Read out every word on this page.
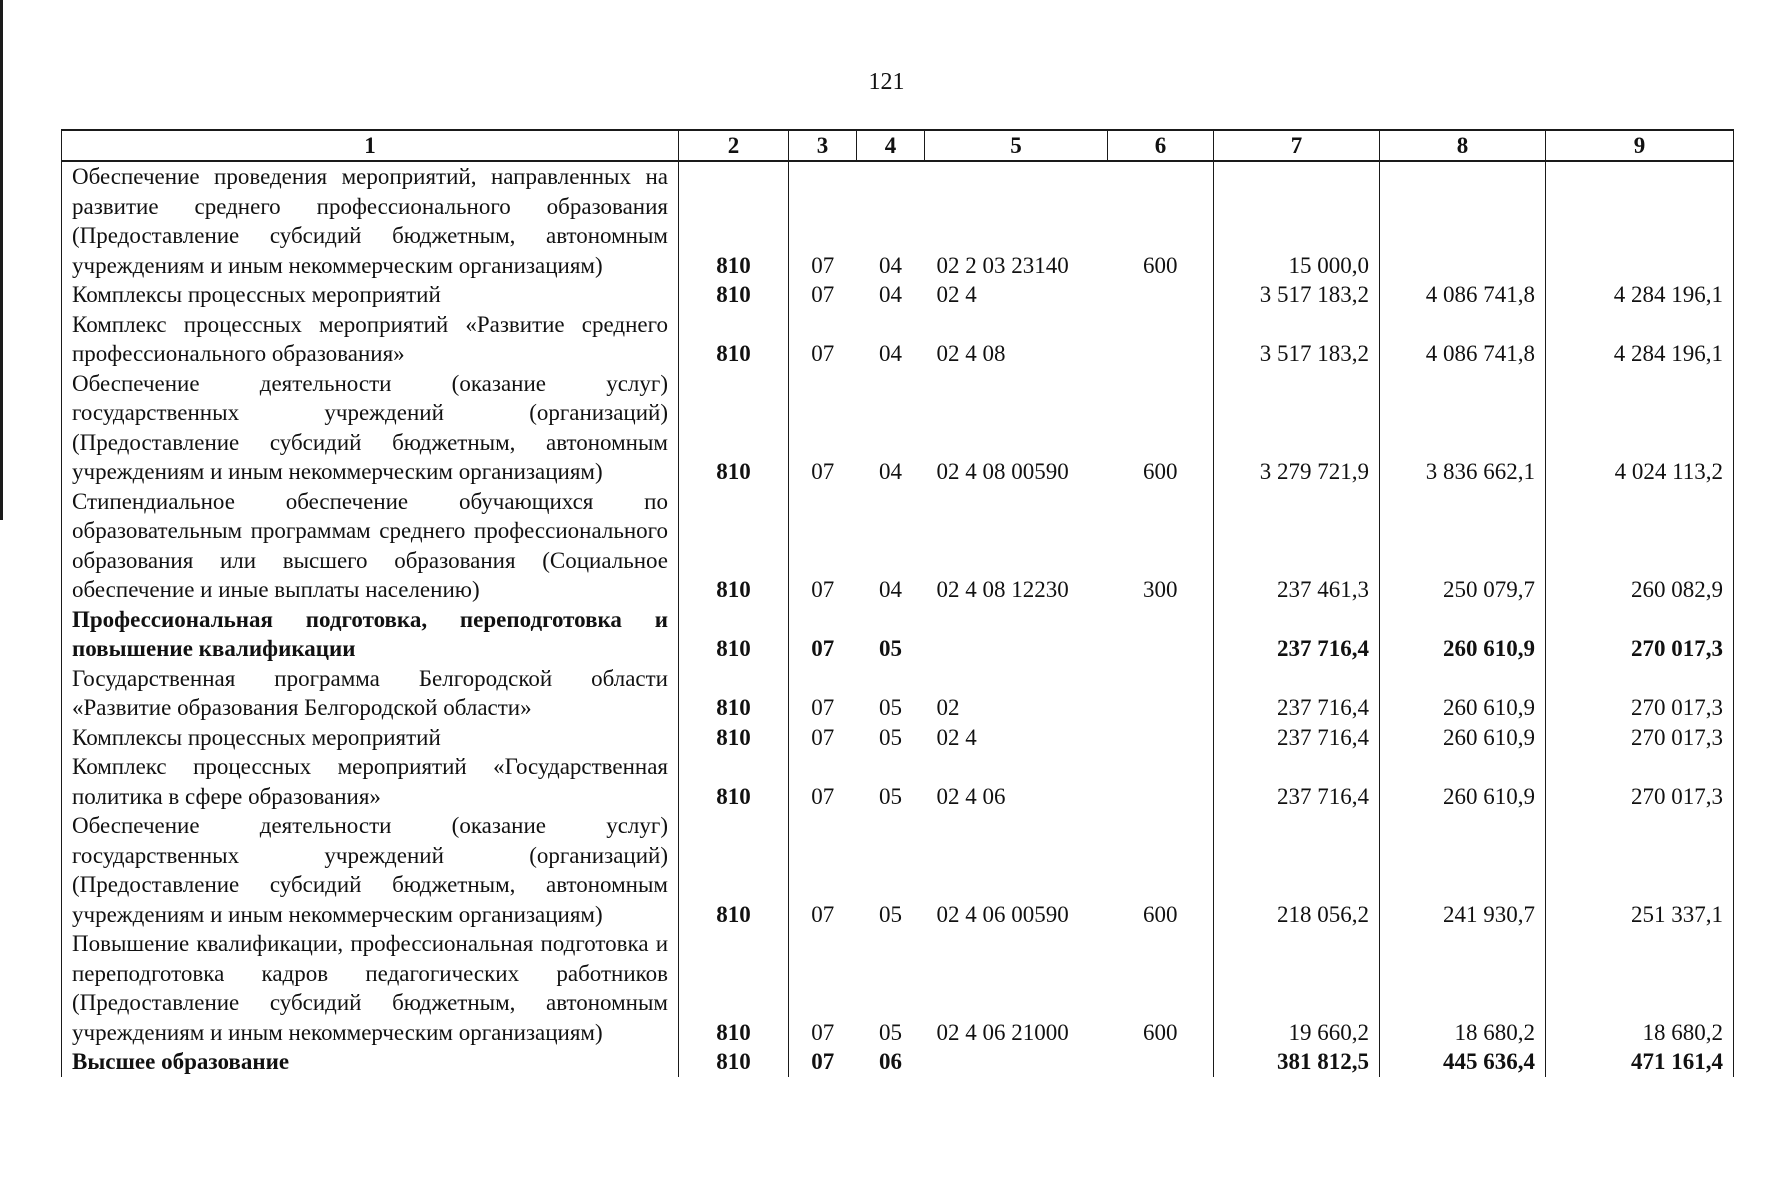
121
1	2	3	4	5	6	7	8	9
Обеспечение проведения мероприятий, направленных на развитие среднего профессионального образования (Предоставление субсидий бюджетным, автономным учреждениям и иным некоммерческим организациям)	810	07	04	02 2 03 23140	600	15 000,0		
Комплексы процессных мероприятий	810	07	04	02 4		3 517 183,2	4 086 741,8	4 284 196,1
Комплекс процессных мероприятий «Развитие среднего профессионального образования»	810	07	04	02 4 08		3 517 183,2	4 086 741,8	4 284 196,1
Обеспечение деятельности (оказание услуг) государственных учреждений (организаций) (Предоставление субсидий бюджетным, автономным учреждениям и иным некоммерческим организациям)	810	07	04	02 4 08 00590	600	3 279 721,9	3 836 662,1	4 024 113,2
Стипендиальное обеспечение обучающихся по образовательным программам среднего профессионального образования или высшего образования (Социальное обеспечение и иные выплаты населению)	810	07	04	02 4 08 12230	300	237 461,3	250 079,7	260 082,9
Профессиональная подготовка, переподготовка и повышение квалификации	810	07	05			237 716,4	260 610,9	270 017,3
Государственная программа Белгородской области «Развитие образования Белгородской области»	810	07	05	02		237 716,4	260 610,9	270 017,3
Комплексы процессных мероприятий	810	07	05	02 4		237 716,4	260 610,9	270 017,3
Комплекс процессных мероприятий «Государственная политика в сфере образования»	810	07	05	02 4 06		237 716,4	260 610,9	270 017,3
Обеспечение деятельности (оказание услуг) государственных учреждений (организаций) (Предоставление субсидий бюджетным, автономным учреждениям и иным некоммерческим организациям)	810	07	05	02 4 06 00590	600	218 056,2	241 930,7	251 337,1
Повышение квалификации, профессиональная подготовка и переподготовка кадров педагогических работников (Предоставление субсидий бюджетным, автономным учреждениям и иным некоммерческим организациям)	810	07	05	02 4 06 21000	600	19 660,2	18 680,2	18 680,2
Высшее образование	810	07	06			381 812,5	445 636,4	471 161,4
